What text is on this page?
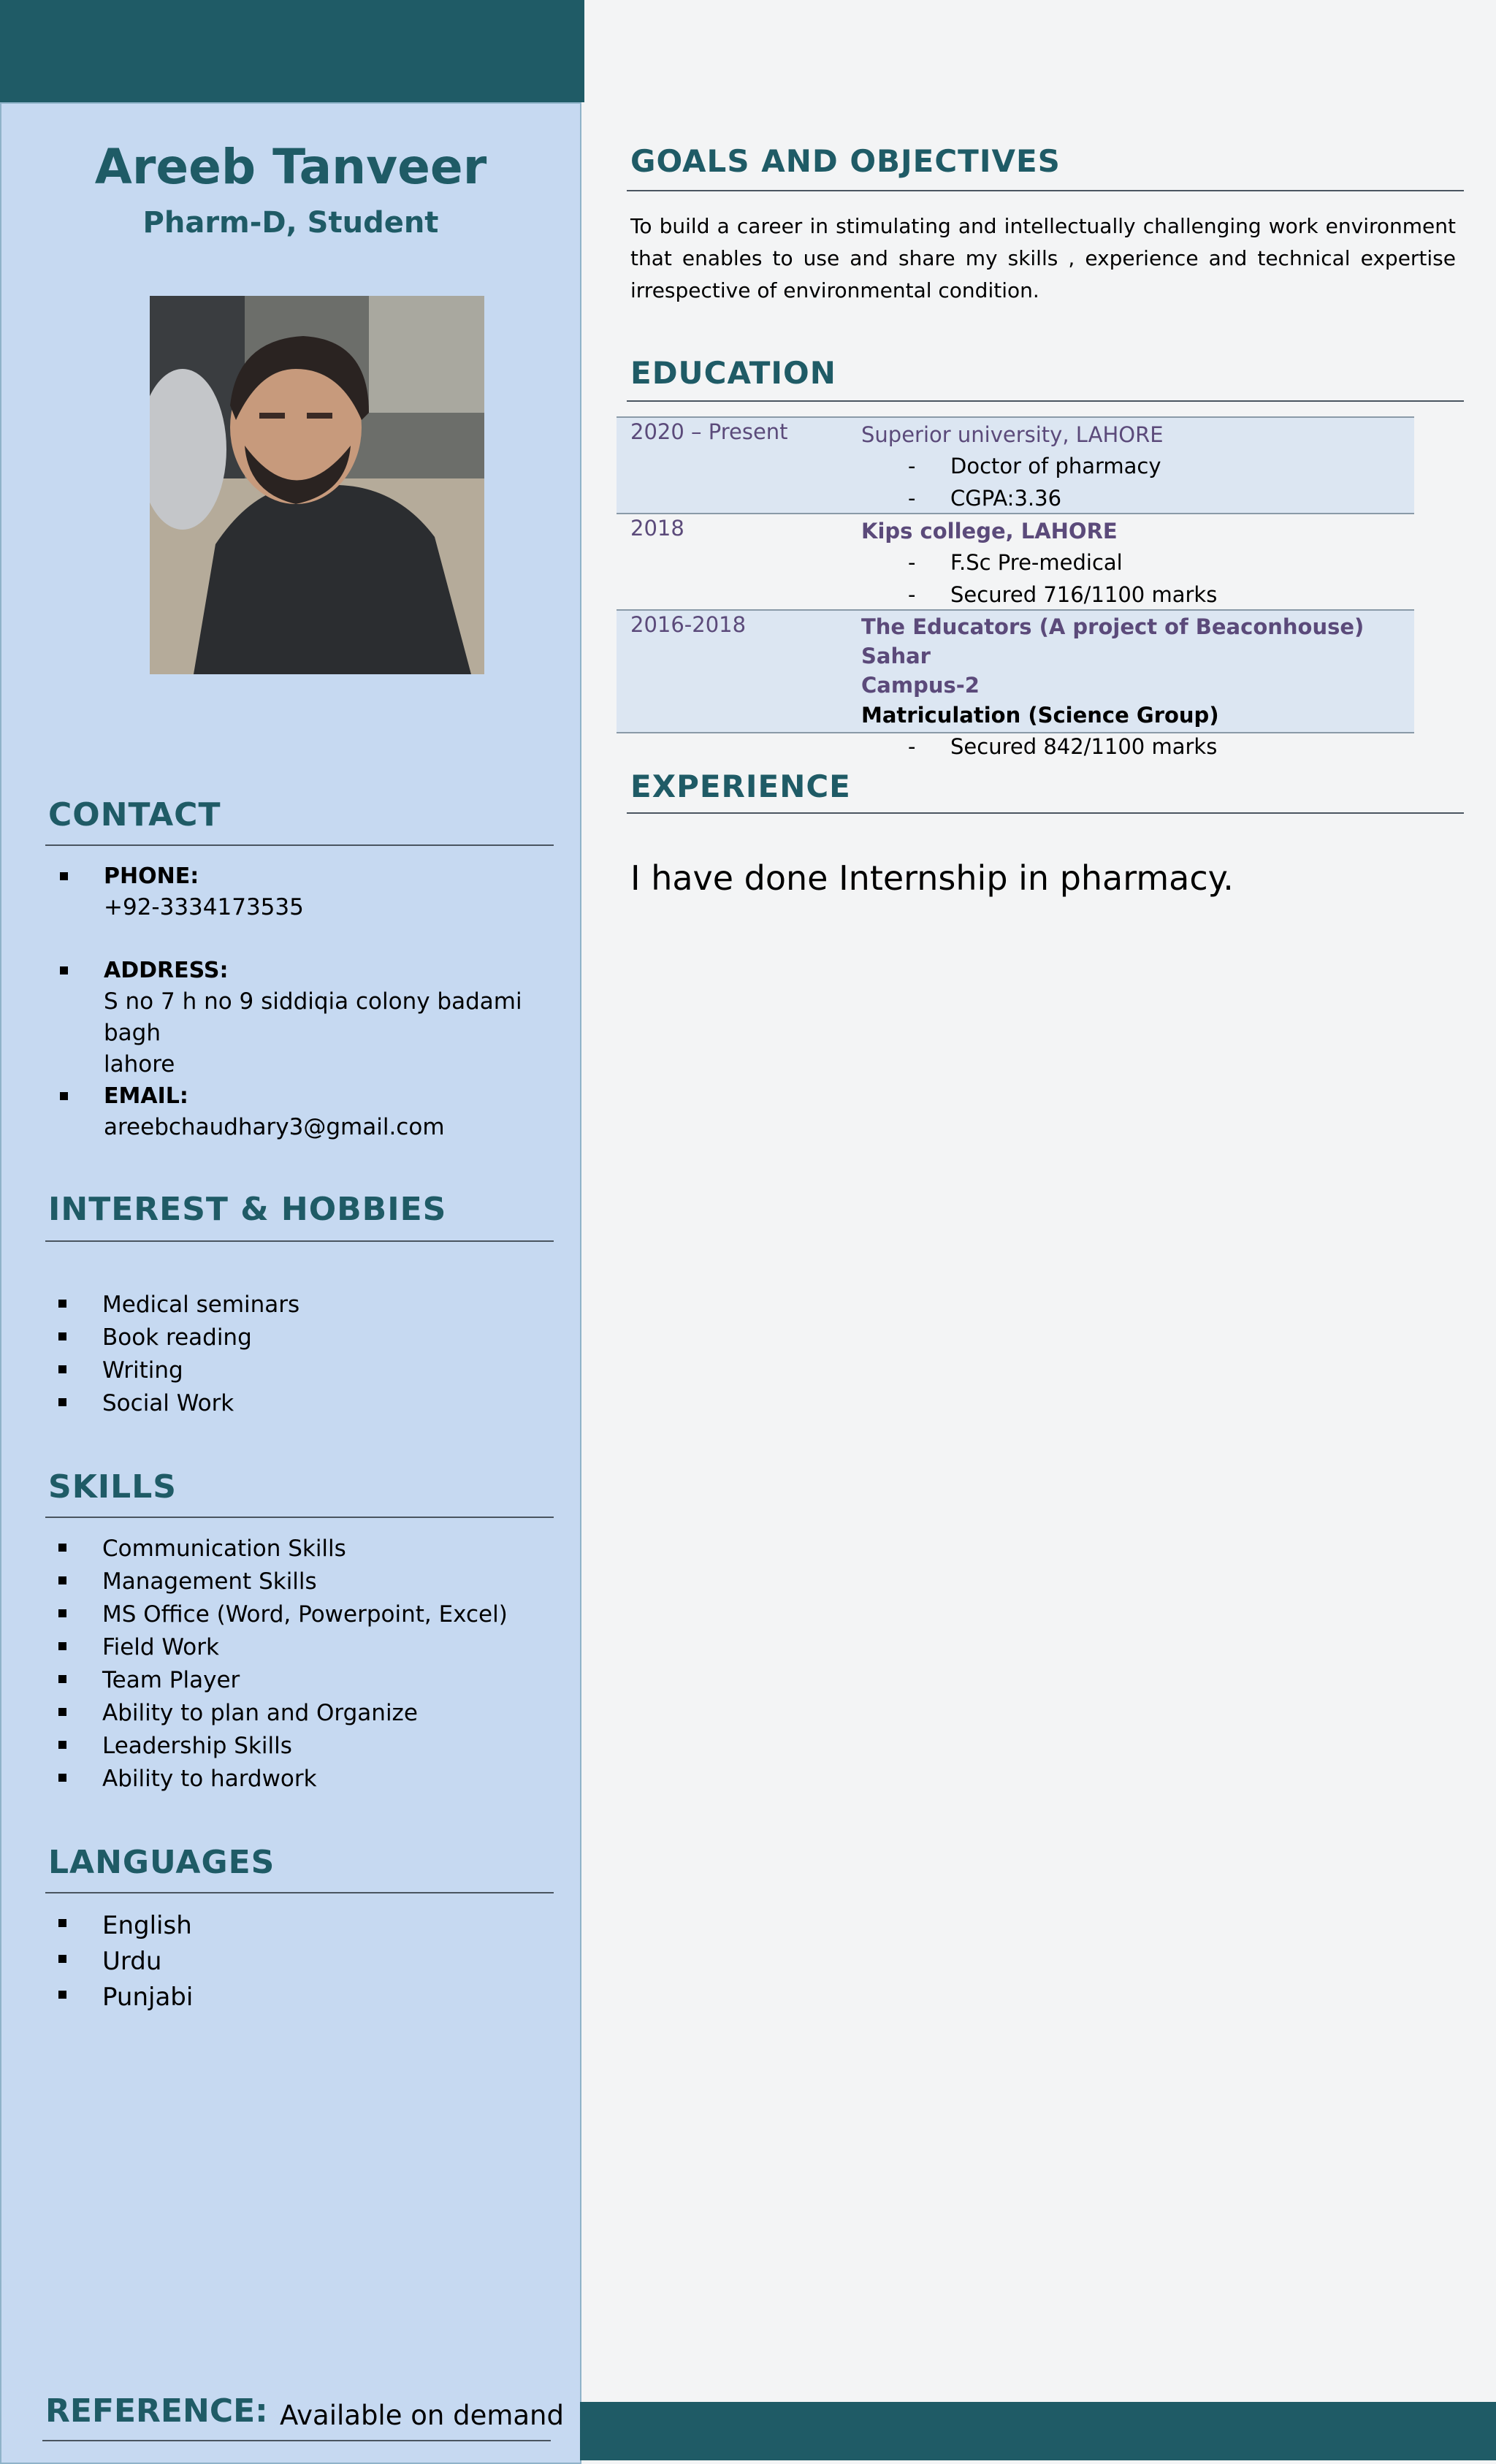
Areeb Tanveer
Pharm-D, Student
CONTACT
PHONE:
+92-3334173535
ADDRESS:
S no 7 h no 9 siddiqia colony badami bagh
lahore
EMAIL:
areebchaudhary3@gmail.com
INTEREST & HOBBIES
Medical seminars
Book reading
Writing
Social Work
SKILLS
Communication Skills
Management Skills
MS Office (Word, Powerpoint, Excel)
Field Work
Team Player
Ability to plan and Organize
Leadership Skills
Ability to hardwork
LANGUAGES
English
Urdu
Punjabi
REFERENCE: Available on demand
GOALS AND OBJECTIVES
To build a career in stimulating and intellectually challenging work environment that enables to use and share my skills , experience and technical expertise irrespective of environmental condition.
EDUCATION
2020 – Present	Superior university, LAHORE
- Doctor of pharmacy
- CGPA:3.36
2018	Kips college, LAHORE
- F.Sc Pre-medical
- Secured 716/1100 marks
2016-2018	The Educators (A project of Beaconhouse) Sahar
Campus-2
Matriculation (Science Group)
- Secured 842/1100 marks
EXPERIENCE
I have done Internship in pharmacy.
